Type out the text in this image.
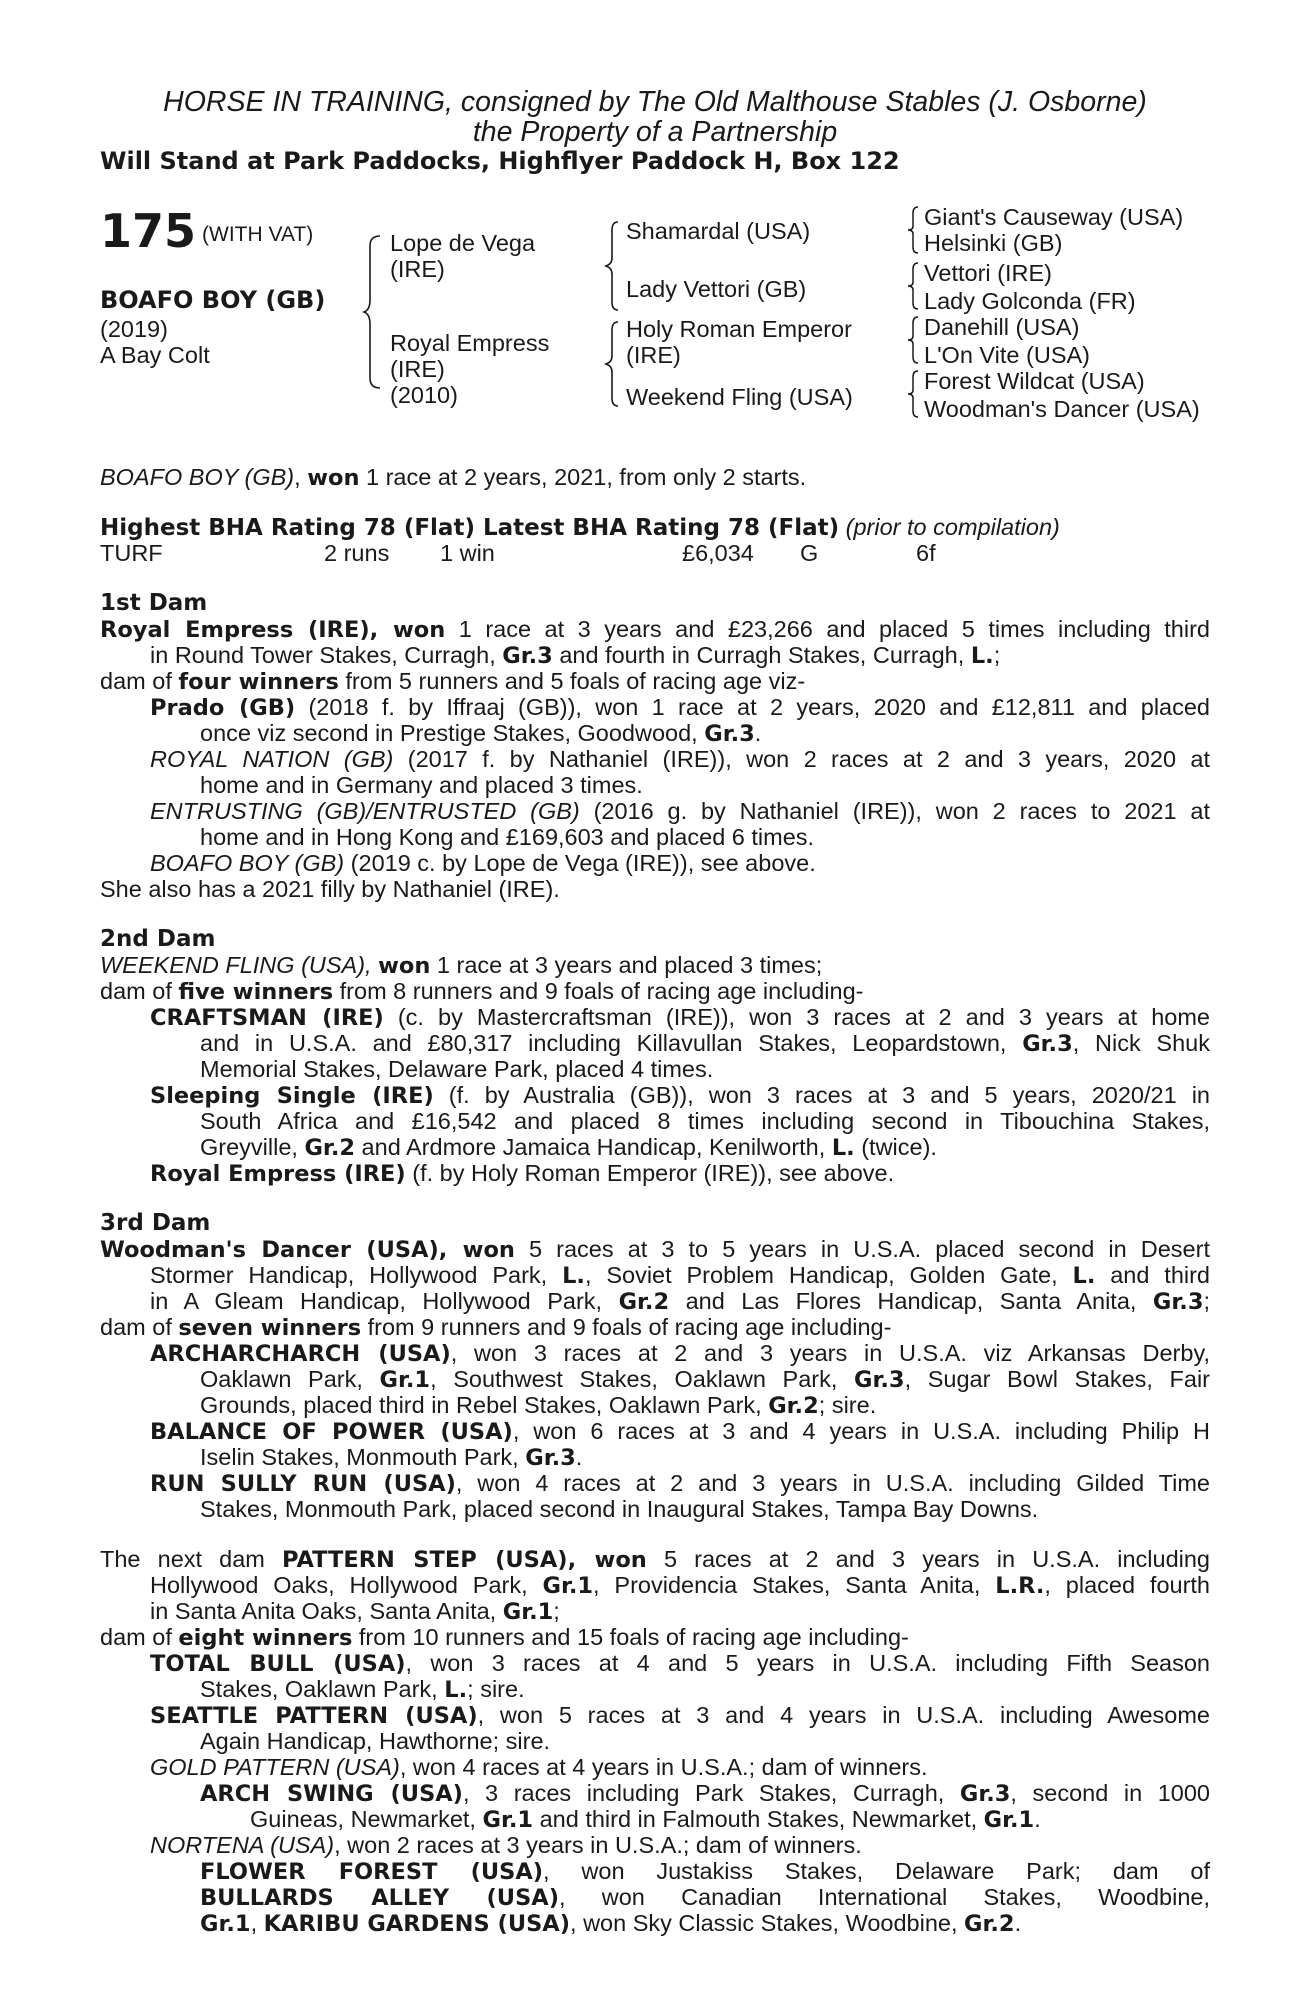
HORSE IN TRAINING, consigned by The Old Malthouse Stables (J. Osborne)
the Property of a Partnership
Will Stand at Park Paddocks, Highflyer Paddock H, Box 122
175 (WITH VAT)
BOAFO BOY (GB)
(2019)
A Bay Colt
Lope de Vega
(IRE)
Royal Empress
(IRE)
(2010)
Shamardal (USA)
Lady Vettori (GB)
Holy Roman Emperor
(IRE)
Weekend Fling (USA)
Giant's Causeway (USA)
Helsinki (GB)
Vettori (IRE)
Lady Golconda (FR)
Danehill (USA)
L'On Vite (USA)
Forest Wildcat (USA)
Woodman's Dancer (USA)
BOAFO BOY (GB), won 1 race at 2 years, 2021, from only 2 starts.
Highest BHA Rating 78 (Flat) Latest BHA Rating 78 (Flat) (prior to compilation)
TURF	2 runs 1 win	£6,034 G	6f
1st Dam
Royal Empress (IRE), won 1 race at 3 years and £23,266 and placed 5 times including third
in Round Tower Stakes, Curragh, Gr.3 and fourth in Curragh Stakes, Curragh, L.;
dam of four winners from 5 runners and 5 foals of racing age viz-
Prado (GB) (2018 f. by Iffraaj (GB)), won 1 race at 2 years, 2020 and £12,811 and placed
once viz second in Prestige Stakes, Goodwood, Gr.3.
ROYAL NATION (GB) (2017 f. by Nathaniel (IRE)), won 2 races at 2 and 3 years, 2020 at
home and in Germany and placed 3 times.
ENTRUSTING (GB)/ENTRUSTED (GB) (2016 g. by Nathaniel (IRE)), won 2 races to 2021 at
home and in Hong Kong and £169,603 and placed 6 times.
BOAFO BOY (GB) (2019 c. by Lope de Vega (IRE)), see above.
She also has a 2021 filly by Nathaniel (IRE).
2nd Dam
WEEKEND FLING (USA), won 1 race at 3 years and placed 3 times;
dam of five winners from 8 runners and 9 foals of racing age including-
CRAFTSMAN (IRE) (c. by Mastercraftsman (IRE)), won 3 races at 2 and 3 years at home
and in U.S.A. and £80,317 including Killavullan Stakes, Leopardstown, Gr.3, Nick Shuk
Memorial Stakes, Delaware Park, placed 4 times.
Sleeping Single (IRE) (f. by Australia (GB)), won 3 races at 3 and 5 years, 2020/21 in
South Africa and £16,542 and placed 8 times including second in Tibouchina Stakes,
Greyville, Gr.2 and Ardmore Jamaica Handicap, Kenilworth, L. (twice).
Royal Empress (IRE) (f. by Holy Roman Emperor (IRE)), see above.
3rd Dam
Woodman's Dancer (USA), won 5 races at 3 to 5 years in U.S.A. placed second in Desert
Stormer Handicap, Hollywood Park, L., Soviet Problem Handicap, Golden Gate, L. and third
in A Gleam Handicap, Hollywood Park, Gr.2 and Las Flores Handicap, Santa Anita, Gr.3;
dam of seven winners from 9 runners and 9 foals of racing age including-
ARCHARCHARCH (USA), won 3 races at 2 and 3 years in U.S.A. viz Arkansas Derby,
Oaklawn Park, Gr.1, Southwest Stakes, Oaklawn Park, Gr.3, Sugar Bowl Stakes, Fair
Grounds, placed third in Rebel Stakes, Oaklawn Park, Gr.2; sire.
BALANCE OF POWER (USA), won 6 races at 3 and 4 years in U.S.A. including Philip H
Iselin Stakes, Monmouth Park, Gr.3.
RUN SULLY RUN (USA), won 4 races at 2 and 3 years in U.S.A. including Gilded Time
Stakes, Monmouth Park, placed second in Inaugural Stakes, Tampa Bay Downs.
The next dam PATTERN STEP (USA), won 5 races at 2 and 3 years in U.S.A. including
Hollywood Oaks, Hollywood Park, Gr.1, Providencia Stakes, Santa Anita, L.R., placed fourth
in Santa Anita Oaks, Santa Anita, Gr.1;
dam of eight winners from 10 runners and 15 foals of racing age including-
TOTAL BULL (USA), won 3 races at 4 and 5 years in U.S.A. including Fifth Season
Stakes, Oaklawn Park, L.; sire.
SEATTLE PATTERN (USA), won 5 races at 3 and 4 years in U.S.A. including Awesome
Again Handicap, Hawthorne; sire.
GOLD PATTERN (USA), won 4 races at 4 years in U.S.A.; dam of winners.
ARCH SWING (USA), 3 races including Park Stakes, Curragh, Gr.3, second in 1000
Guineas, Newmarket, Gr.1 and third in Falmouth Stakes, Newmarket, Gr.1.
NORTENA (USA), won 2 races at 3 years in U.S.A.; dam of winners.
FLOWER FOREST (USA), won Justakiss Stakes, Delaware Park; dam of
BULLARDS ALLEY (USA), won Canadian International Stakes, Woodbine,
Gr.1, KARIBU GARDENS (USA), won Sky Classic Stakes, Woodbine, Gr.2.
